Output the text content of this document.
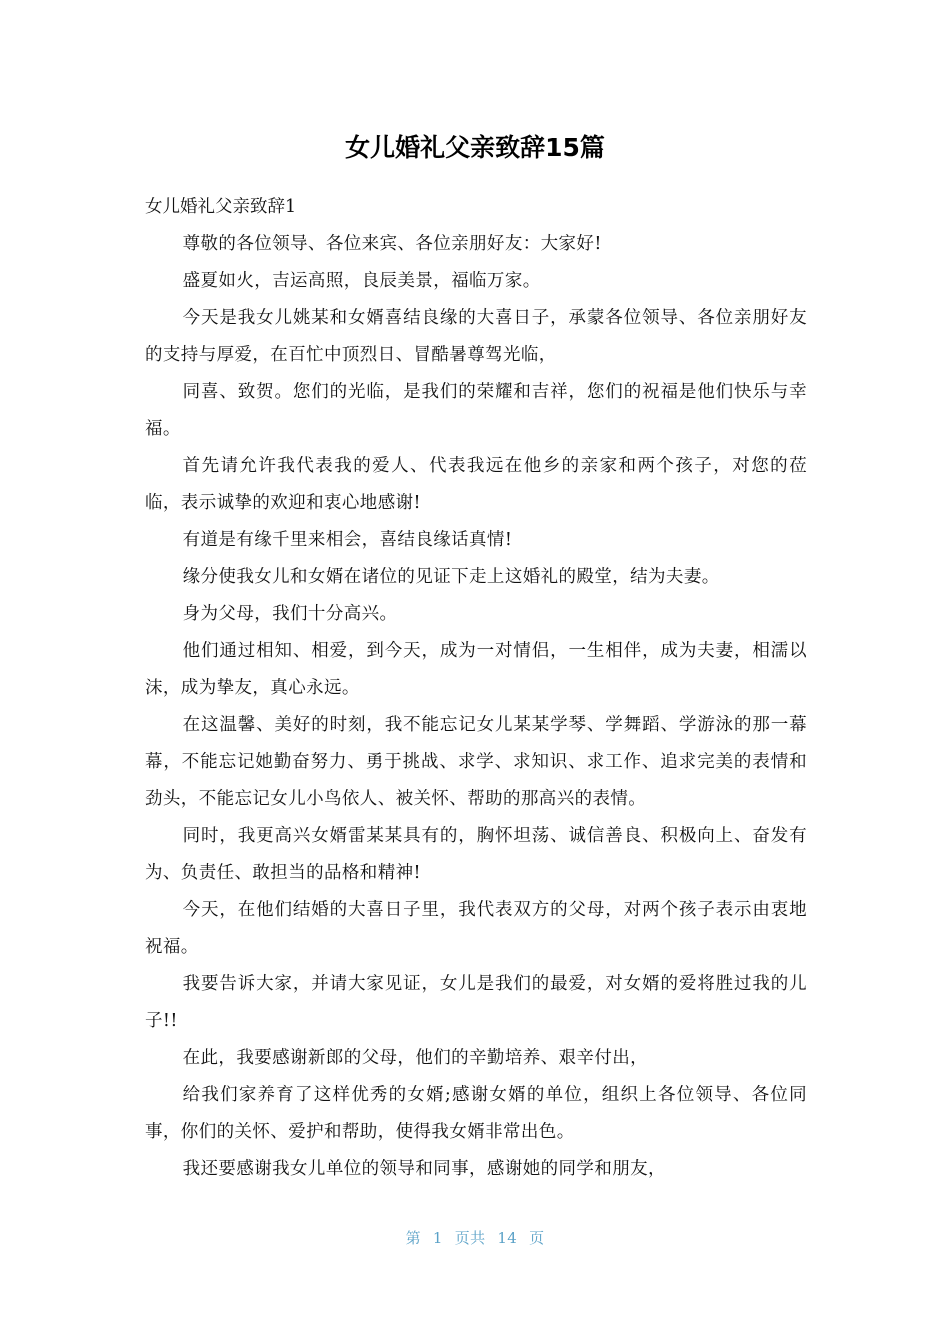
女儿婚礼父亲致辞15篇

女儿婚礼父亲致辞1

尊敬的各位领导、各位来宾、各位亲朋好友：大家好!

盛夏如火，吉运高照，良辰美景，福临万家。

今天是我女儿姚某和女婿喜结良缘的大喜日子，承蒙各位领导、各位亲朋好友的支持与厚爱，在百忙中顶烈日、冒酷暑尊驾光临，

同喜、致贺。您们的光临，是我们的荣耀和吉祥，您们的祝福是他们快乐与幸福。

首先请允许我代表我的爱人、代表我远在他乡的亲家和两个孩子，对您的莅临，表示诚挚的欢迎和衷心地感谢!

有道是有缘千里来相会，喜结良缘话真情!

缘分使我女儿和女婿在诸位的见证下走上这婚礼的殿堂，结为夫妻。

身为父母，我们十分高兴。

他们通过相知、相爱，到今天，成为一对情侣，一生相伴，成为夫妻，相濡以沫，成为挚友，真心永远。

在这温馨、美好的时刻，我不能忘记女儿某某学琴、学舞蹈、学游泳的那一幕幕，不能忘记她勤奋努力、勇于挑战、求学、求知识、求工作、追求完美的表情和劲头，不能忘记女儿小鸟依人、被关怀、帮助的那高兴的表情。

同时，我更高兴女婿雷某某具有的，胸怀坦荡、诚信善良、积极向上、奋发有为、负责任、敢担当的品格和精神!

今天，在他们结婚的大喜日子里，我代表双方的父母，对两个孩子表示由衷地祝福。

我要告诉大家，并请大家见证，女儿是我们的最爱，对女婿的爱将胜过我的儿子!!

在此，我要感谢新郎的父母，他们的辛勤培养、艰辛付出，

给我们家养育了这样优秀的女婿;感谢女婿的单位，组织上各位领导、各位同事，你们的关怀、爱护和帮助，使得我女婿非常出色。

我还要感谢我女儿单位的领导和同事，感谢她的同学和朋友，

第 1 页共 14 页
